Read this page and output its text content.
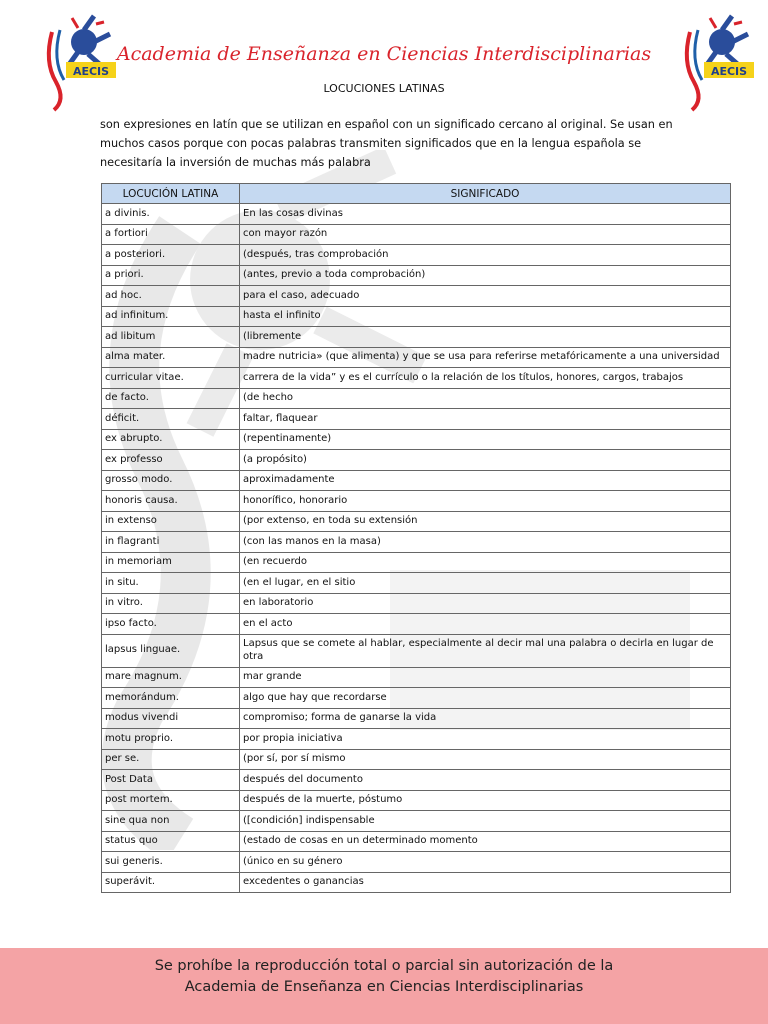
AECIS	AECIS
Academia de Enseñanza en Ciencias Interdisciplinarias
LOCUCIONES LATINAS
son expresiones en latín que se utilizan en español con un significado cercano al original. Se usan en muchos casos porque con pocas palabras transmiten significados que en la lengua española se necesitaría la inversión de muchas más palabra
LOCUCIÓN LATINA	SIGNIFICADO
a divinis.	En las cosas divinas
a fortiori	con mayor razón
a posteriori.	(después, tras comprobación
a priori.	(antes, previo a toda comprobación)
ad hoc.	para el caso, adecuado
ad infinitum.	hasta el infinito
ad libitum	(libremente
alma mater.	madre nutricia» (que alimenta) y que se usa para referirse metafóricamente a una universidad
curricular vitae.	carrera de la vida” y es el currículo o la relación de los títulos, honores, cargos, trabajos
de facto.	(de hecho
déficit.	faltar, flaquear
ex abrupto.	(repentinamente)
ex professo	(a propósito)
grosso modo.	aproximadamente
honoris causa.	honorífico, honorario
in extenso	(por extenso, en toda su extensión
in flagranti	(con las manos en la masa)
in memoriam	(en recuerdo
in situ.	(en el lugar, en el sitio
in vitro.	en laboratorio
ipso facto.	en el acto
lapsus linguae.	Lapsus que se comete al hablar, especialmente al decir mal una palabra o decirla en lugar de otra
mare magnum.	mar grande
memorándum.	algo que hay que recordarse
modus vivendi	compromiso; forma de ganarse la vida
motu proprio.	por propia iniciativa
per se.	(por sí, por sí mismo
Post Data	después del documento
post mortem.	después de la muerte, póstumo
sine qua non	([condición] indispensable
status quo	(estado de cosas en un determinado momento
sui generis.	(único en su género
superávit.	excedentes o ganancias
Se prohíbe la reproducción total o parcial sin autorización de la
Academia de Enseñanza en Ciencias Interdisciplinarias
